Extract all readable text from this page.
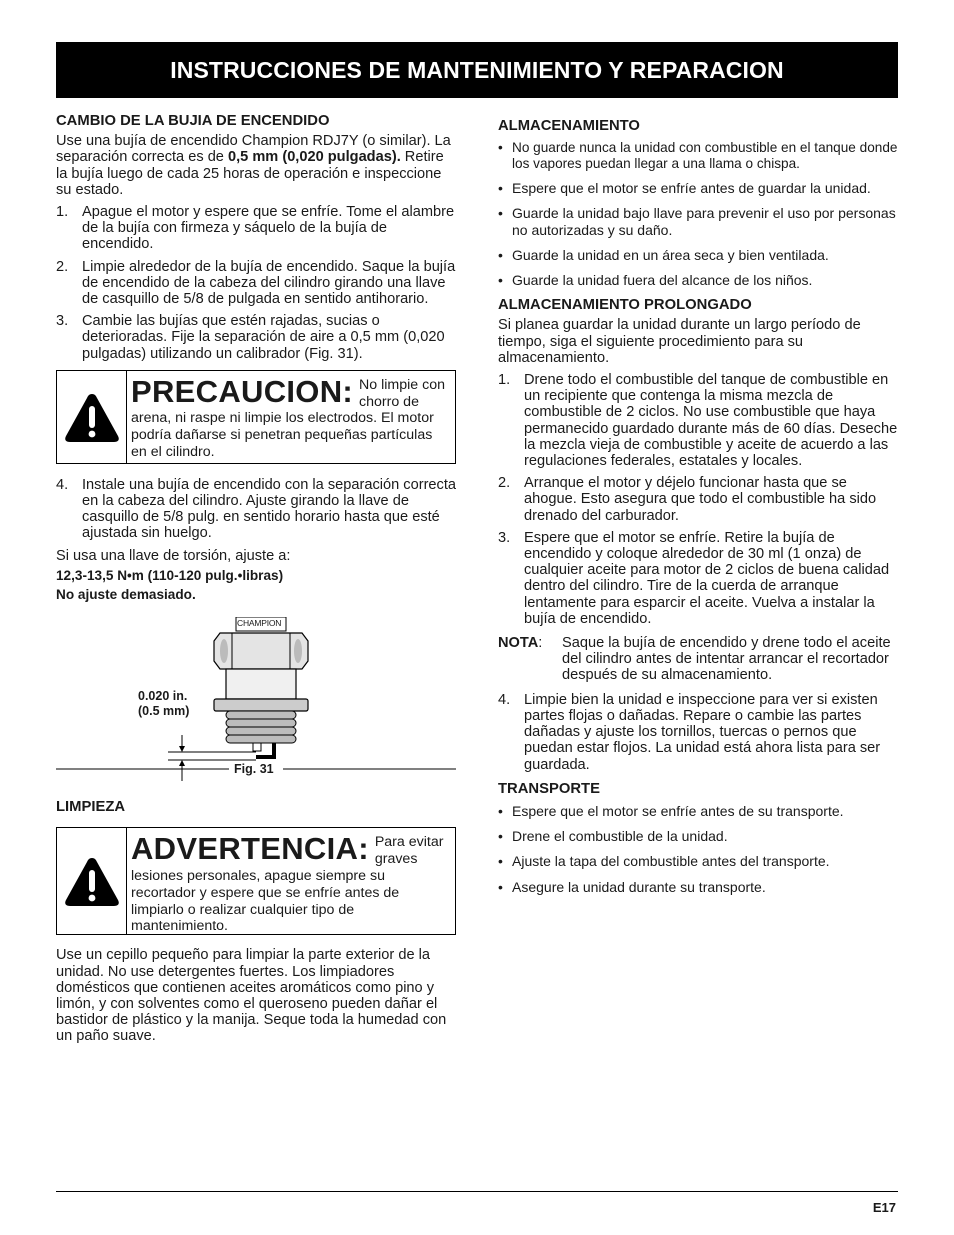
INSTRUCCIONES DE MANTENIMIENTO Y REPARACION
CAMBIO DE LA BUJIA DE ENCENDIDO

Use una bujía de encendido Champion RDJ7Y (o similar). La separación correcta es de 0,5 mm (0,020 pulgadas). Retire la bujía luego de cada 25 horas de operación e inspeccione su estado.

1. Apague el motor y espere que se enfríe. Tome el alambre de la bujía con firmeza y sáquelo de la bujía de encendido.
2. Limpie alrededor de la bujía de encendido. Saque la bujía de encendido de la cabeza del cilindro girando una llave de casquillo de 5/8 de pulgada en sentido antihorario.
3. Cambie las bujías que estén rajadas, sucias o deterioradas. Fije la separación de aire a 0,5 mm (0,020 pulgadas) utilizando un calibrador (Fig. 31).
PRECAUCION: No limpie con chorro de arena, ni raspe ni limpie los electrodos. El motor podría dañarse si penetran pequeñas partículas en el cilindro.
4. Instale una bujía de encendido con la separación correcta en la cabeza del cilindro. Ajuste girando la llave de casquillo de 5/8 pulg. en sentido horario hasta que esté ajustada sin huelgo.

Si usa una llave de torsión, ajuste a:

12,3-13,5 N•m (110-120 pulg.•libras)

No ajuste demasiado.

CHAMPION
0.020 in.
(0.5 mm)
Fig. 31
LIMPIEZA
ADVERTENCIA: Para evitar graves lesiones personales, apague siempre su recortador y espere que se enfríe antes de limpiarlo o realizar cualquier tipo de mantenimiento.

Use un cepillo pequeño para limpiar la parte exterior de la unidad. No use detergentes fuertes. Los limpiadores domésticos que contienen aceites aromáticos como pino y limón, y con solventes como el queroseno pueden dañar el bastidor de plástico y la manija. Seque toda la humedad con un paño suave.

ALMACENAMIENTO
• No guarde nunca la unidad con combustible en el tanque donde los vapores puedan llegar a una llama o chispa.
• Espere que el motor se enfríe antes de guardar la unidad.
• Guarde la unidad bajo llave para prevenir el uso por personas no autorizadas y su daño.
• Guarde la unidad en un área seca y bien ventilada.
• Guarde la unidad fuera del alcance de los niños.
ALMACENAMIENTO PROLONGADO

Si planea guardar la unidad durante un largo período de tiempo, siga el siguiente procedimiento para su almacenamiento.

1. Drene todo el combustible del tanque de combustible en un recipiente que contenga la misma mezcla de combustible de 2 ciclos. No use combustible que haya permanecido guardado durante más de 60 días. Deseche la mezcla vieja de combustible y aceite de acuerdo a las regulaciones federales, estatales y locales.
2. Arranque el motor y déjelo funcionar hasta que se ahogue. Esto asegura que todo el combustible ha sido drenado del carburador.
3. Espere que el motor se enfríe. Retire la bujía de encendido y coloque alrededor de 30 ml (1 onza) de cualquier aceite para motor de 2 ciclos de buena calidad dentro del cilindro. Tire de la cuerda de arranque lentamente para esparcir el aceite. Vuelva a instalar la bujía de encendido.
NOTA:	Saque la bujía de encendido y drene todo el aceite del cilindro antes de intentar arrancar el recortador después de su almacenamiento.
4. Limpie bien la unidad e inspeccione para ver si existen partes flojas o dañadas. Repare o cambie las partes dañadas y ajuste los tornillos, tuercas o pernos que puedan estar flojos. La unidad está ahora lista para ser guardada.
TRANSPORTE
• Espere que el motor se enfríe antes de su transporte.
• Drene el combustible de la unidad.
• Ajuste la tapa del combustible antes del transporte.
• Asegure la unidad durante su transporte.
E17
